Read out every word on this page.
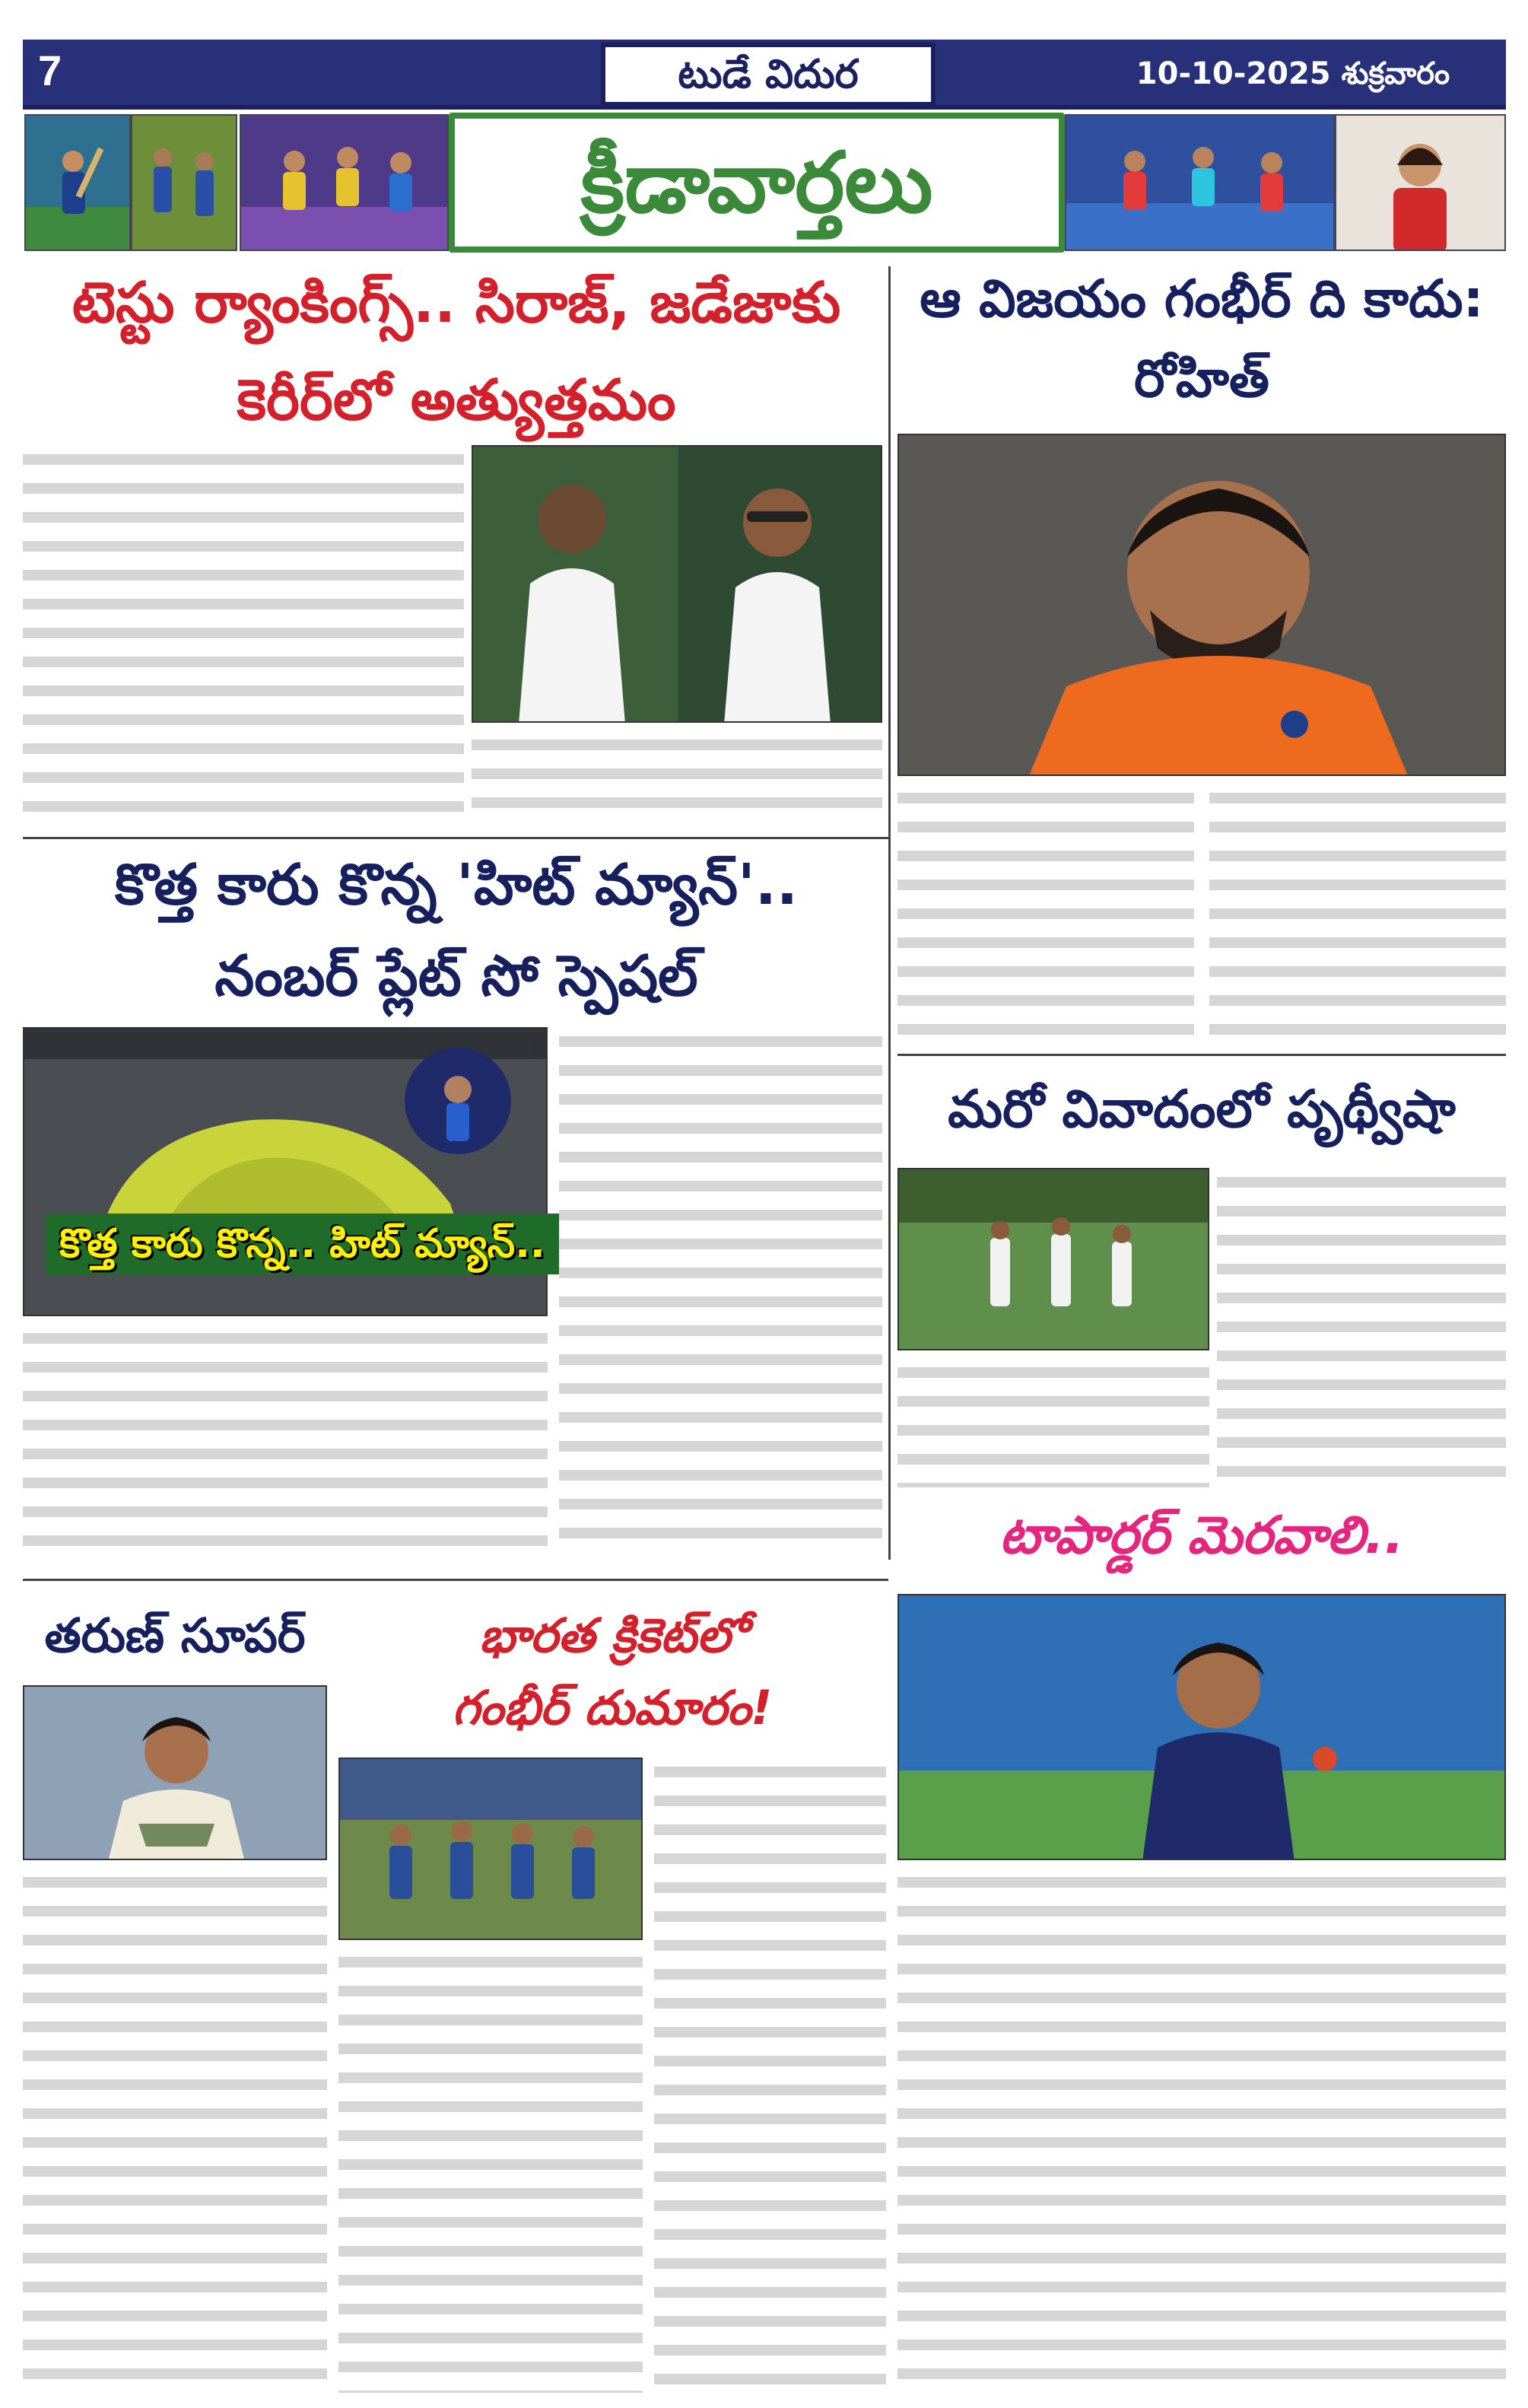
7	టుడే విదుర	10-10-2025 శుక్రవారం
క్రీడావార్తలు
టెస్టు ర్యాంకింగ్స్.. సిరాజ్, జడేజాకు
కెరీర్‌లో అత్యుత్తమం
ఆ విజయం గంభీర్ ది కాదు:
రోహిత్
కొత్త కారు కొన్న 'హిట్ మ్యాన్'..
నంబర్ ప్లేట్ సో స్పెషల్
కొత్త కారు కొన్న.. హిట్ మ్యాన్..
మరో వివాదంలో పృథ్వీషా
టాపార్డర్ మెరవాలి..
తరుణ్ సూపర్	భారత క్రికెట్‌లో
గంభీర్ దుమారం!
